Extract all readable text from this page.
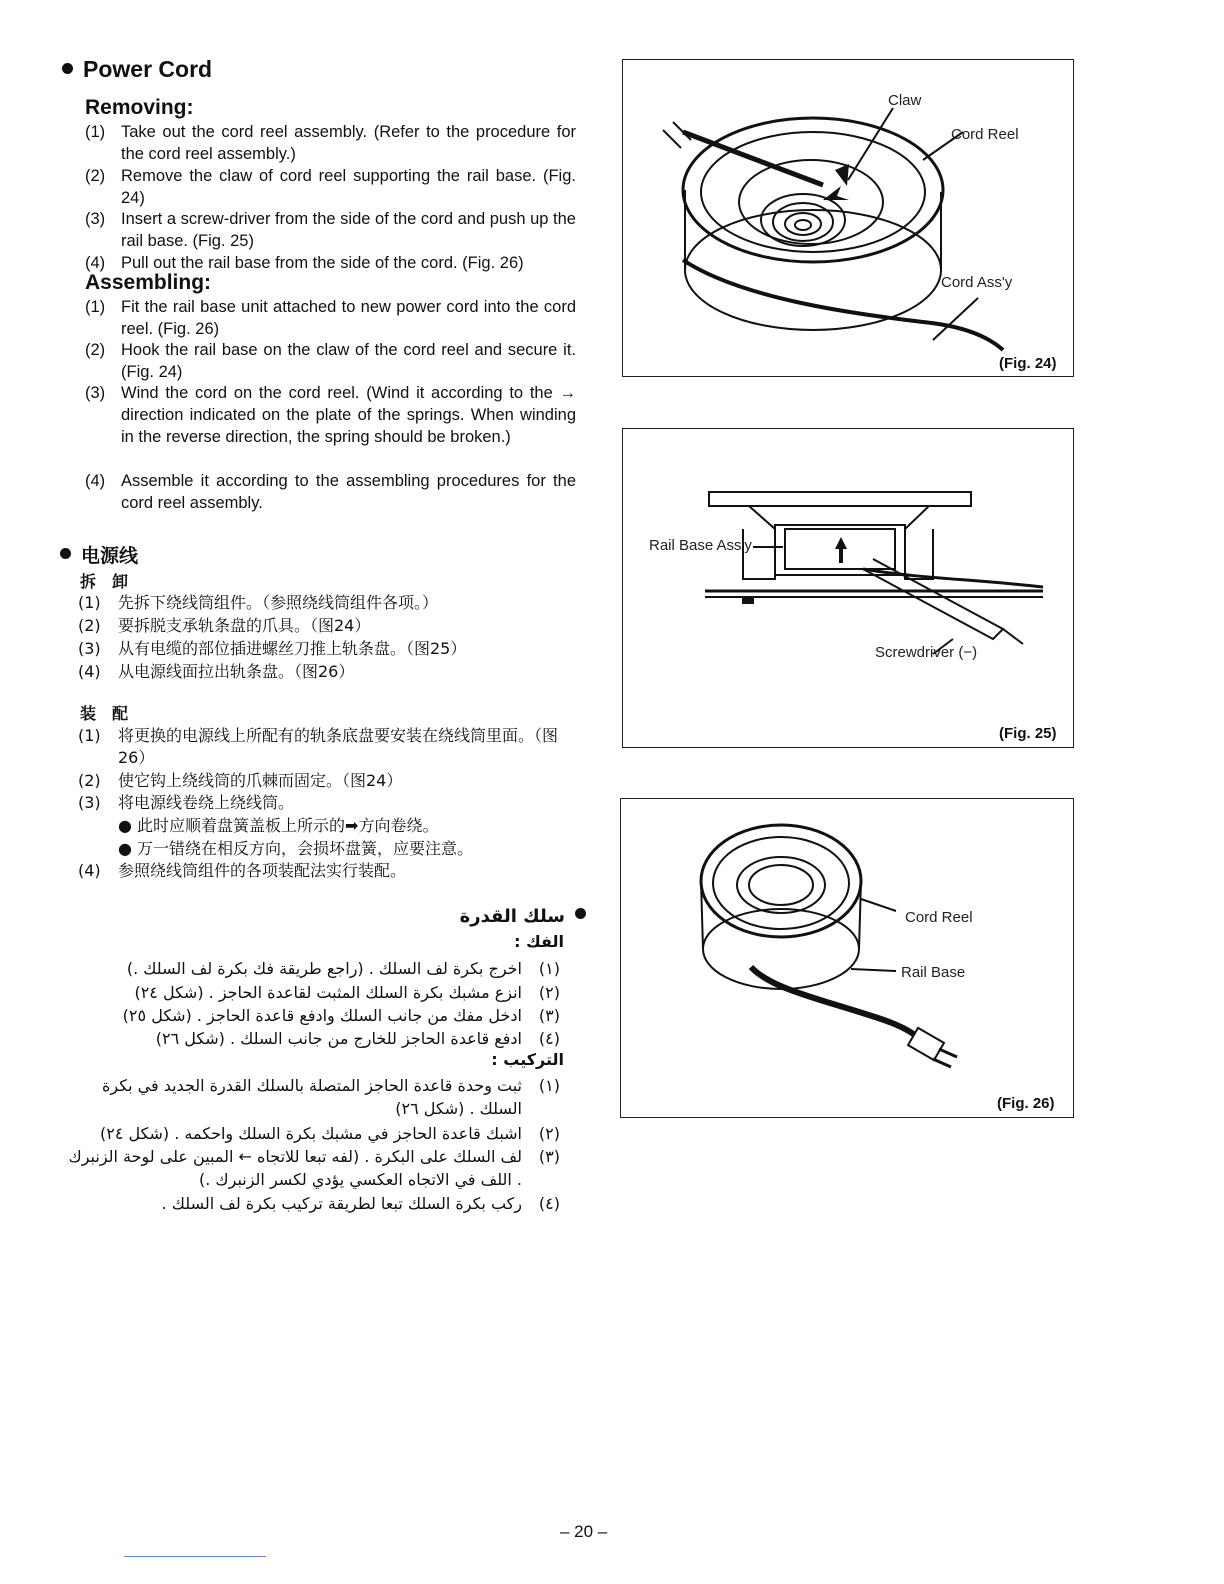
Power Cord
Removing:
(1) Take out the cord reel assembly. (Refer to the procedure for the cord reel assembly.)
(2) Remove the claw of cord reel supporting the rail base. (Fig. 24)
(3) Insert a screw-driver from the side of the cord and push up the rail base. (Fig. 25)
(4) Pull out the rail base from the side of the cord. (Fig. 26)
Assembling:
(1) Fit the rail base unit attached to new power cord into the cord reel. (Fig. 26)
(2) Hook the rail base on the claw of the cord reel and secure it. (Fig. 24)
(3) Wind the cord on the cord reel. (Wind it according to the → direction indicated on the plate of the springs. When winding in the reverse direction, the spring should be broken.)
(4) Assemble it according to the assembling procedures for the cord reel assembly.
电源线
拆　卸
(1) 先拆下绕线筒组件。（参照绕线筒组件各项。）
(2) 要拆脱支承轨条盘的爪具。（图24）
(3) 从有电缆的部位插进螺丝刀推上轨条盘。（图25）
(4) 从电源线面拉出轨条盘。（图26）
装　配
(1) 将更换的电源线上所配有的轨条底盘要安装在绕线筒里面。（图26）
(2) 使它钩上绕线筒的爪棘而固定。（图24）
(3) 将电源线卷绕上绕线筒。
● 此时应顺着盘簧盖板上所示的➡方向卷绕。
● 万一错绕在相反方向，会损坏盘簧，应要注意。
(4) 参照绕线筒组件的各项装配法实行装配。
سلك القدرة
الفك :
(١)
اخرج بكرة لف السلك . (راجع طريقة فك بكرة لف السلك .)
(٢)
انزع مشبك بكرة السلك المثبت لقاعدة الحاجز . (شكل ٢٤)
(٣)
ادخل مفك من جانب السلك وادفع قاعدة الحاجز . (شكل ٢٥)
(٤)
ادفع قاعدة الحاجز للخارج من جانب السلك . (شكل ٢٦)
التركيب :
(١)
ثبت وحدة قاعدة الحاجز المتصلة بالسلك القدرة الجديد في بكرة السلك . (شكل ٢٦)
(٢)
اشبك قاعدة الحاجز في مشبك بكرة السلك واحكمه . (شكل ٢٤)
(٣)
لف السلك على البكرة . (لفه تبعا للاتجاه ← المبين على لوحة الزنبرك . اللف في الاتجاه العكسي يؤدي لكسر الزنبرك .)
(٤)
ركب بكرة السلك تبعا لطريقة تركيب بكرة لف السلك .
Claw
Cord Reel
Cord Ass'y
(Fig. 24)
Rail Base Ass'y
Screwdriver (−)
(Fig. 25)
Cord Reel
Rail Base
(Fig. 26)
– 20 –
